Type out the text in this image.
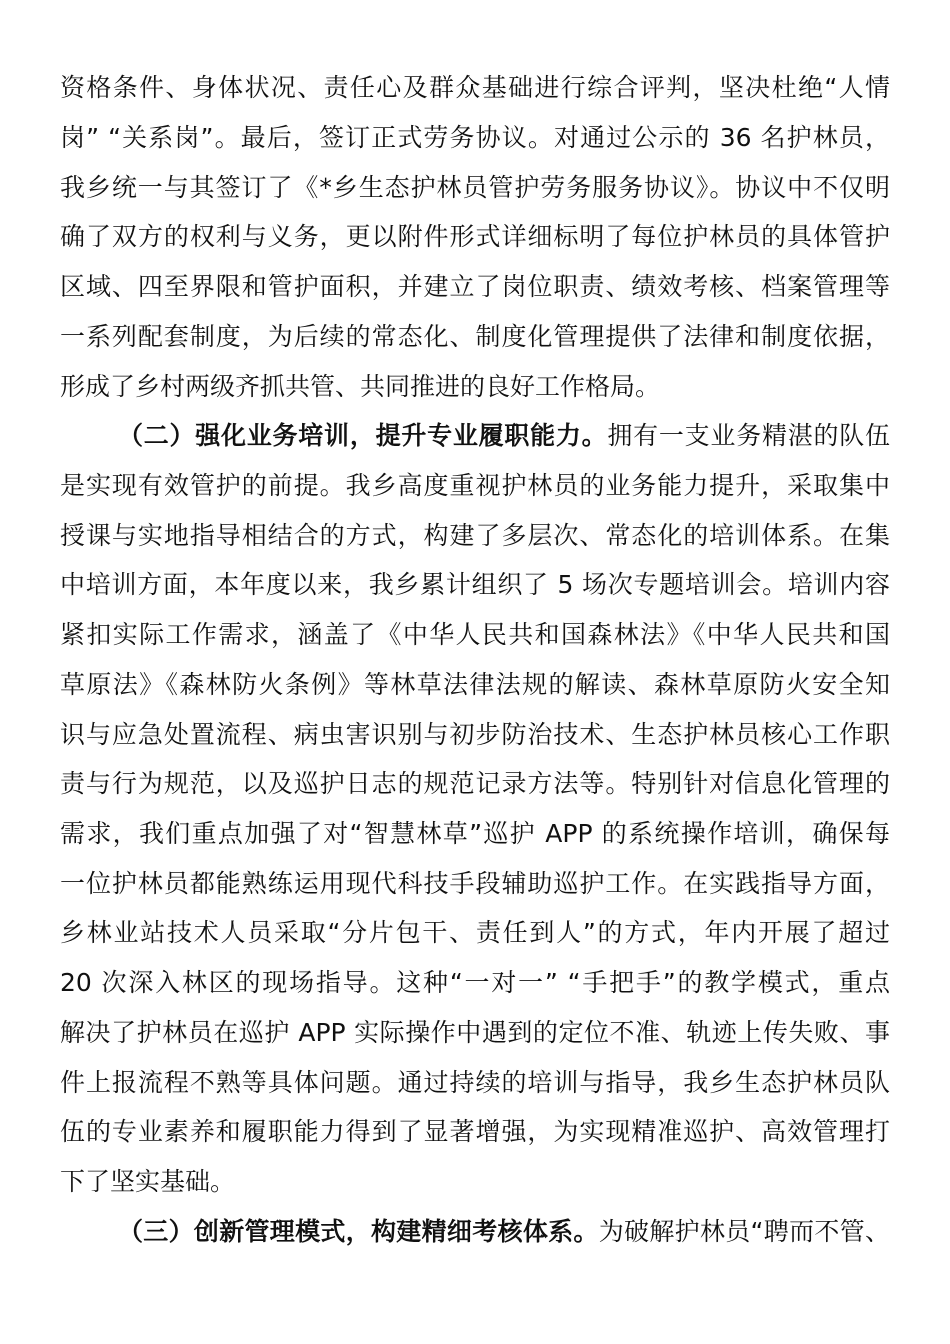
资格条件、身体状况、责任心及群众基础进行综合评判，坚决杜绝“人情
岗” “关系岗”。最后，签订正式劳务协议。对通过公示的 36 名护林员，
我乡统一与其签订了《*乡生态护林员管护劳务服务协议》。协议中不仅明
确了双方的权利与义务，更以附件形式详细标明了每位护林员的具体管护
区域、四至界限和管护面积，并建立了岗位职责、绩效考核、档案管理等
一系列配套制度，为后续的常态化、制度化管理提供了法律和制度依据，
形成了乡村两级齐抓共管、共同推进的良好工作格局。
（二）强化业务培训，提升专业履职能力。拥有一支业务精湛的队伍
是实现有效管护的前提。我乡高度重视护林员的业务能力提升，采取集中
授课与实地指导相结合的方式，构建了多层次、常态化的培训体系。在集
中培训方面，本年度以来，我乡累计组织了 5 场次专题培训会。培训内容
紧扣实际工作需求，涵盖了《中华人民共和国森林法》《中华人民共和国
草原法》《森林防火条例》等林草法律法规的解读、森林草原防火安全知
识与应急处置流程、病虫害识别与初步防治技术、生态护林员核心工作职
责与行为规范，以及巡护日志的规范记录方法等。特别针对信息化管理的
需求，我们重点加强了对“智慧林草”巡护 APP 的系统操作培训，确保每
一位护林员都能熟练运用现代科技手段辅助巡护工作。在实践指导方面，
乡林业站技术人员采取“分片包干、责任到人”的方式，年内开展了超过
20 次深入林区的现场指导。这种“一对一” “手把手”的教学模式，重点
解决了护林员在巡护 APP 实际操作中遇到的定位不准、轨迹上传失败、事
件上报流程不熟等具体问题。通过持续的培训与指导，我乡生态护林员队
伍的专业素养和履职能力得到了显著增强，为实现精准巡护、高效管理打
下了坚实基础。
（三）创新管理模式，构建精细考核体系。为破解护林员“聘而不管、
